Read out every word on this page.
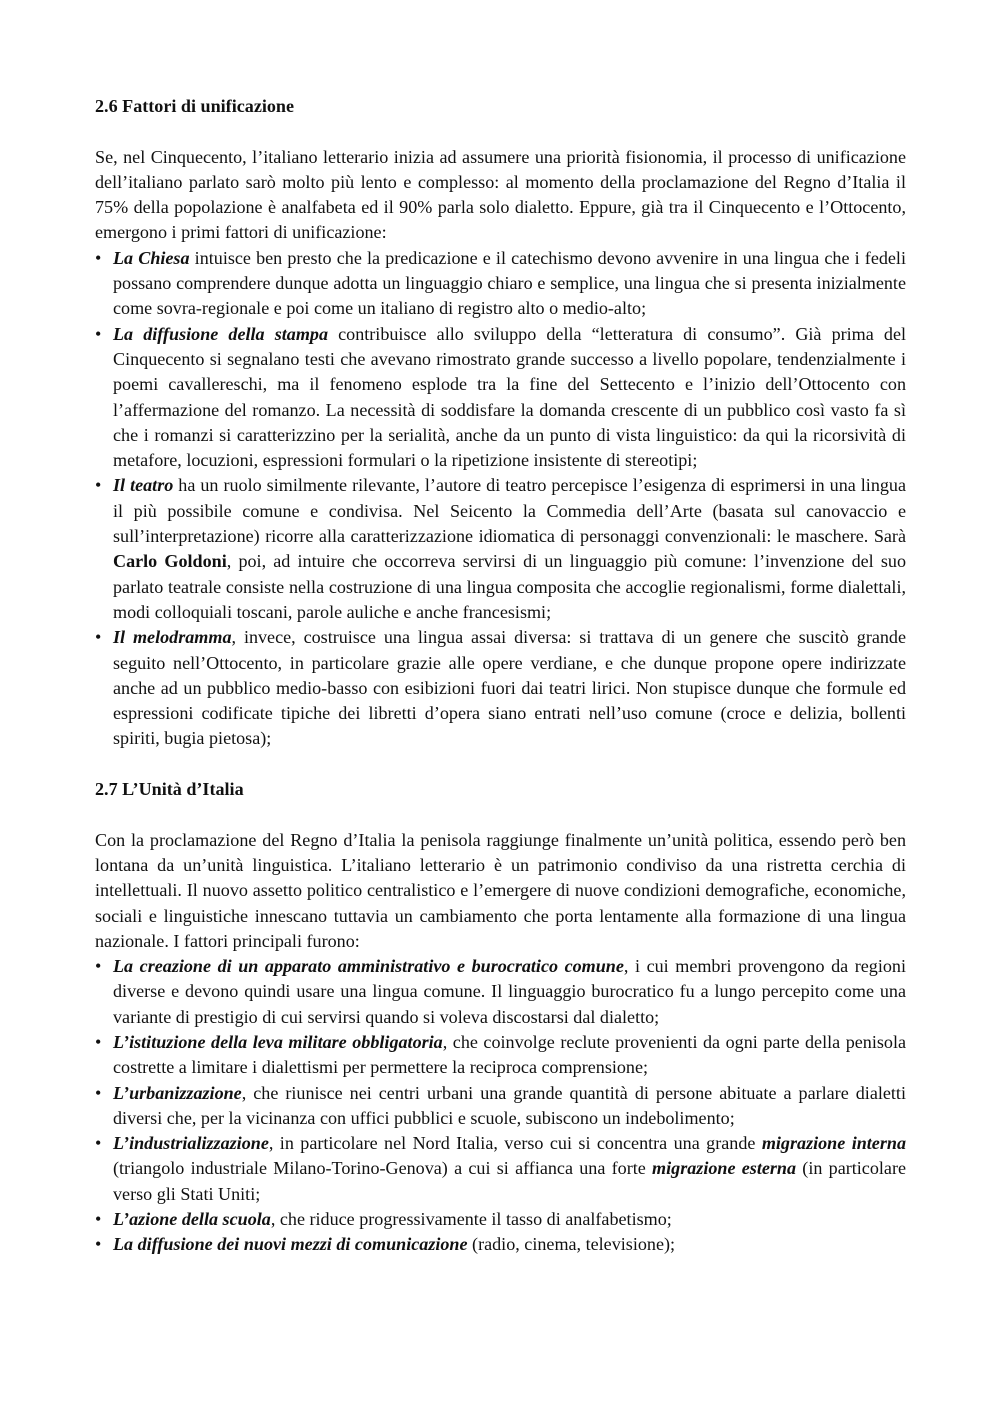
2.6 Fattori di unificazione

Se, nel Cinquecento, l’italiano letterario inizia ad assumere una priorità fisionomia, il processo di unificazione dell’italiano parlato sarò molto più lento e complesso: al momento della proclamazione del Regno d’Italia il 75% della popolazione è analfabeta ed il 90% parla solo dialetto. Eppure, già tra il Cinquecento e l’Ottocento, emergono i primi fattori di unificazione:

• La Chiesa intuisce ben presto che la predicazione e il catechismo devono avvenire in una lingua che i fedeli possano comprendere dunque adotta un linguaggio chiaro e semplice, una lingua che si presenta inizialmente come sovra-regionale e poi come un italiano di registro alto o medio-alto;
• La diffusione della stampa contribuisce allo sviluppo della “letteratura di consumo”. Già prima del Cinquecento si segnalano testi che avevano rimostrato grande successo a livello popolare, tendenzialmente i poemi cavallereschi, ma il fenomeno esplode tra la fine del Settecento e l’inizio dell’Ottocento con l’affermazione del romanzo. La necessità di soddisfare la domanda crescente di un pubblico così vasto fa sì che i romanzi si caratterizzino per la serialità, anche da un punto di vista linguistico: da qui la ricorsività di metafore, locuzioni, espressioni formulari o la ripetizione insistente di stereotipi;
• Il teatro ha un ruolo similmente rilevante, l’autore di teatro percepisce l’esigenza di esprimersi in una lingua il più possibile comune e condivisa. Nel Seicento la Commedia dell’Arte (basata sul canovaccio e sull’interpretazione) ricorre alla caratterizzazione idiomatica di personaggi convenzionali: le maschere. Sarà Carlo Goldoni, poi, ad intuire che occorreva servirsi di un linguaggio più comune: l’invenzione del suo parlato teatrale consiste nella costruzione di una lingua composita che accoglie regionalismi, forme dialettali, modi colloquiali toscani, parole auliche e anche francesismi;
• Il melodramma, invece, costruisce una lingua assai diversa: si trattava di un genere che suscitò grande seguito nell’Ottocento, in particolare grazie alle opere verdiane, e che dunque propone opere indirizzate anche ad un pubblico medio-basso con esibizioni fuori dai teatri lirici. Non stupisce dunque che formule ed espressioni codificate tipiche dei libretti d’opera siano entrati nell’uso comune (croce e delizia, bollenti spiriti, bugia pietosa);
2.7 L’Unità d’Italia

Con la proclamazione del Regno d’Italia la penisola raggiunge finalmente un’unità politica, essendo però ben lontana da un’unità linguistica. L’italiano letterario è un patrimonio condiviso da una ristretta cerchia di intellettuali. Il nuovo assetto politico centralistico e l’emergere di nuove condizioni demografiche, economiche, sociali e linguistiche innescano tuttavia un cambiamento che porta lentamente alla formazione di una lingua nazionale. I fattori principali furono:

• La creazione di un apparato amministrativo e burocratico comune, i cui membri provengono da regioni diverse e devono quindi usare una lingua comune. Il linguaggio burocratico fu a lungo percepito come una variante di prestigio di cui servirsi quando si voleva discostarsi dal dialetto;
• L’istituzione della leva militare obbligatoria, che coinvolge reclute provenienti da ogni parte della penisola costrette a limitare i dialettismi per permettere la reciproca comprensione;
• L’urbanizzazione, che riunisce nei centri urbani una grande quantità di persone abituate a parlare dialetti diversi che, per la vicinanza con uffici pubblici e scuole, subiscono un indebolimento;
• L’industrializzazione, in particolare nel Nord Italia, verso cui si concentra una grande migrazione interna (triangolo industriale Milano-Torino-Genova) a cui si affianca una forte migrazione esterna (in particolare verso gli Stati Uniti;
• L’azione della scuola, che riduce progressivamente il tasso di analfabetismo;
• La diffusione dei nuovi mezzi di comunicazione (radio, cinema, televisione);
